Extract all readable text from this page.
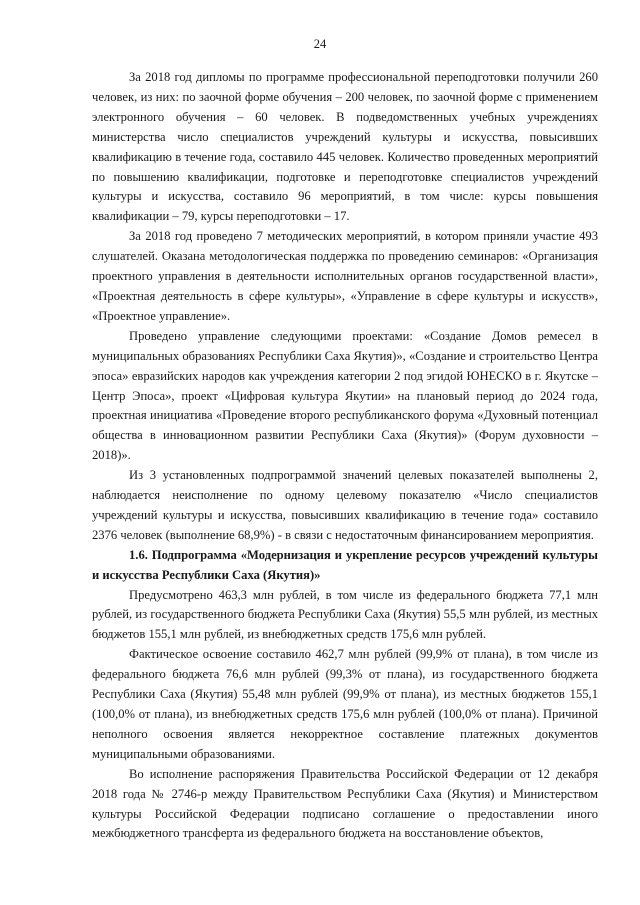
24

За 2018 год дипломы по программе профессиональной переподготовки получили 260 человек, из них: по заочной форме обучения – 200 человек, по заочной форме с применением электронного обучения – 60 человек. В подведомственных учебных учреждениях министерства число специалистов учреждений культуры и искусства, повысивших квалификацию в течение года, составило 445 человек. Количество проведенных мероприятий по повышению квалификации, подготовке и переподготовке специалистов учреждений культуры и искусства, составило 96 мероприятий, в том числе: курсы повышения квалификации – 79, курсы переподготовки – 17.

За 2018 год проведено 7 методических мероприятий, в котором приняли участие 493 слушателей. Оказана методологическая поддержка по проведению семинаров: «Организация проектного управления в деятельности исполнительных органов государственной власти», «Проектная деятельность в сфере культуры», «Управление в сфере культуры и искусств», «Проектное управление».

Проведено управление следующими проектами: «Создание Домов ремесел в муниципальных образованиях Республики Саха Якутия)», «Создание и строительство Центра эпоса» евразийских народов как учреждения категории 2 под эгидой ЮНЕСКО в г. Якутске – Центр Эпоса», проект «Цифровая культура Якутии» на плановый период до 2024 года, проектная инициатива «Проведение второго республиканского форума «Духовный потенциал общества в инновационном развитии Республики Саха (Якутия)» (Форум духовности – 2018)».

Из 3 установленных подпрограммой значений целевых показателей выполнены 2, наблюдается неисполнение по одному целевому показателю «Число специалистов учреждений культуры и искусства, повысивших квалификацию в течение года» составило 2376 человек (выполнение 68,9%) - в связи с недостаточным финансированием мероприятия.

1.6. Подпрограмма «Модернизация и укрепление ресурсов учреждений культуры и искусства Республики Саха (Якутия)»

Предусмотрено 463,3 млн рублей, в том числе из федерального бюджета 77,1 млн рублей, из государственного бюджета Республики Саха (Якутия) 55,5 млн рублей, из местных бюджетов 155,1 млн рублей, из внебюджетных средств 175,6 млн рублей.

Фактическое освоение составило 462,7 млн рублей (99,9% от плана), в том числе из федерального бюджета 76,6 млн рублей (99,3% от плана), из государственного бюджета Республики Саха (Якутия) 55,48 млн рублей (99,9% от плана), из местных бюджетов 155,1 (100,0% от плана), из внебюджетных средств 175,6 млн рублей (100,0% от плана). Причиной неполного освоения является некорректное составление платежных документов муниципальными образованиями.

Во исполнение распоряжения Правительства Российской Федерации от 12 декабря 2018 года № 2746-р между Правительством Республики Саха (Якутия) и Министерством культуры Российской Федерации подписано соглашение о предоставлении иного межбюджетного трансферта из федерального бюджета на восстановление объектов,
